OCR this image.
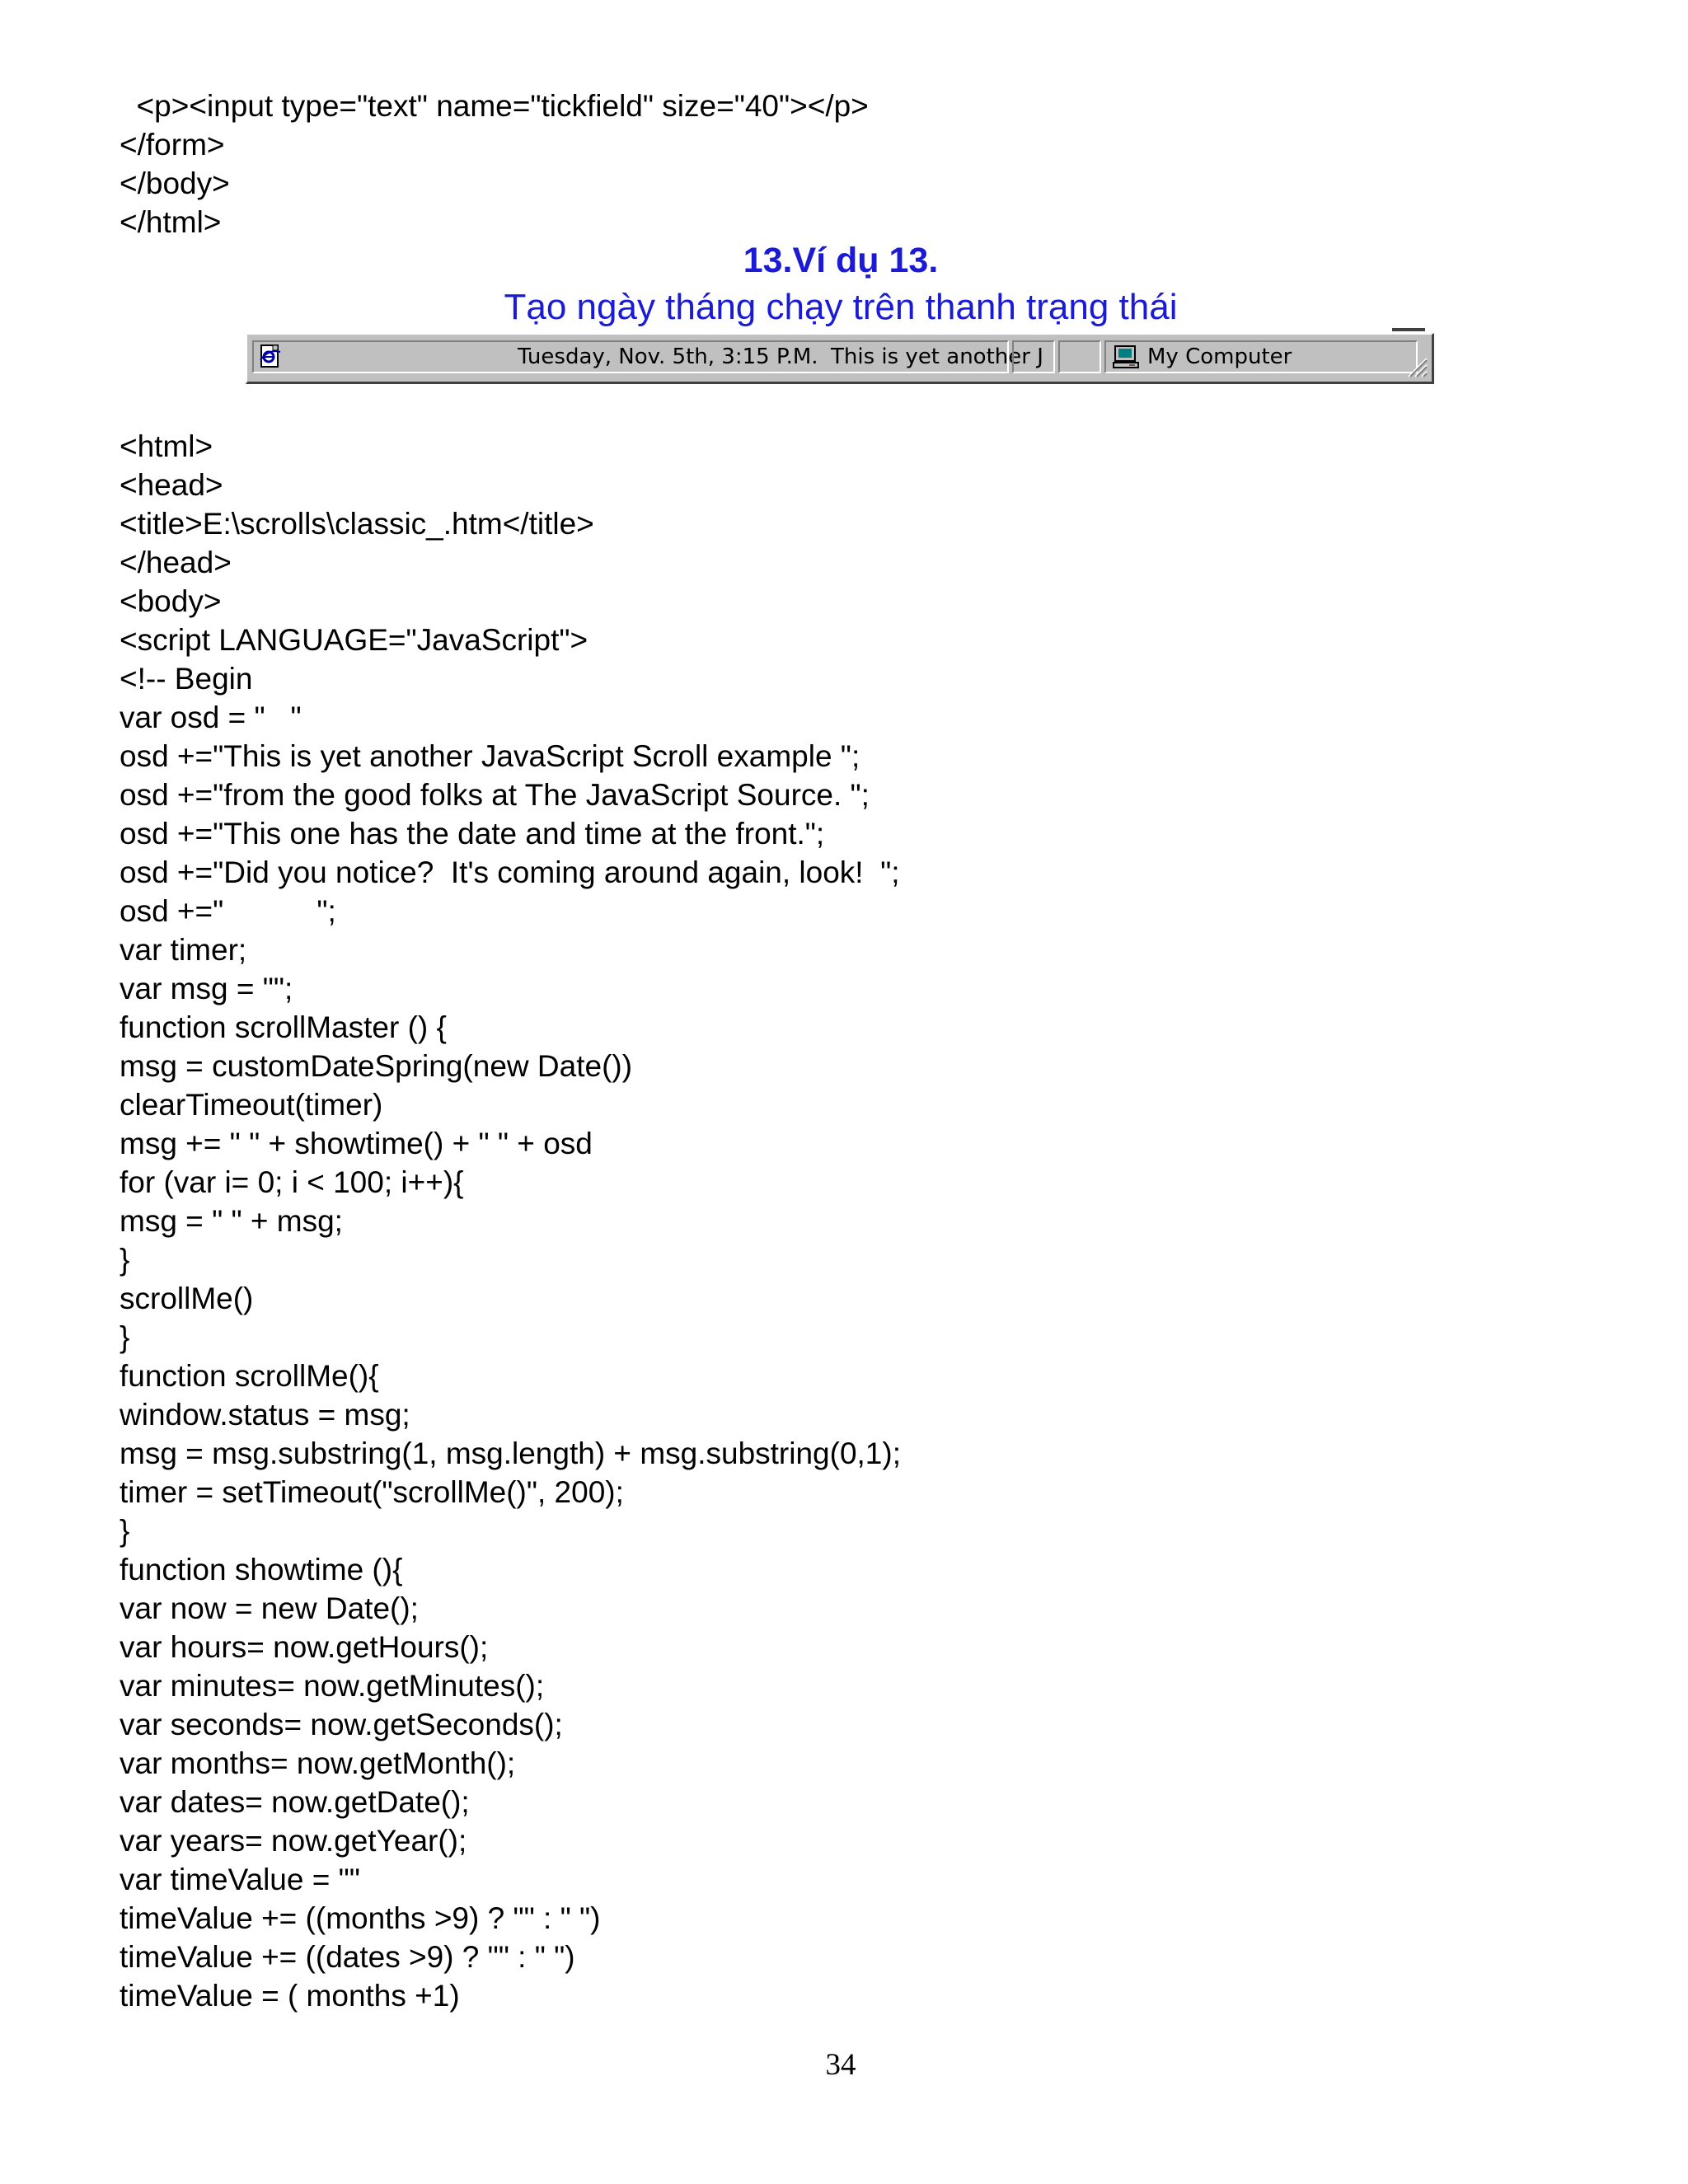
<p><input type="text" name="tickfield" size="40"></p>
</form>
</body>
</html>
13.Ví dụ 13.
Tạo ngày tháng chạy trên thanh trạng thái
Tuesday, Nov. 5th, 3:15 P.M. This is yet another J	My Computer
<html>
<head>
<title>E:\scrolls\classic_.htm</title>
</head>
<body>
<script LANGUAGE="JavaScript">
<!-- Begin
var osd = "   "
osd +="This is yet another JavaScript Scroll example ";
osd +="from the good folks at The JavaScript Source. ";
osd +="This one has the date and time at the front.";
osd +="Did you notice?  It's coming around again, look!  ";
osd +="           ";
var timer;
var msg = "";
function scrollMaster () {
msg = customDateSpring(new Date())
clearTimeout(timer)
msg += " " + showtime() + " " + osd
for (var i= 0; i < 100; i++){
msg = " " + msg;
}
scrollMe()
}
function scrollMe(){
window.status = msg;
msg = msg.substring(1, msg.length) + msg.substring(0,1);
timer = setTimeout("scrollMe()", 200);
}
function showtime (){
var now = new Date();
var hours= now.getHours();
var minutes= now.getMinutes();
var seconds= now.getSeconds();
var months= now.getMonth();
var dates= now.getDate();
var years= now.getYear();
var timeValue = ""
timeValue += ((months >9) ? "" : " ")
timeValue += ((dates >9) ? "" : " ")
timeValue = ( months +1)
34
